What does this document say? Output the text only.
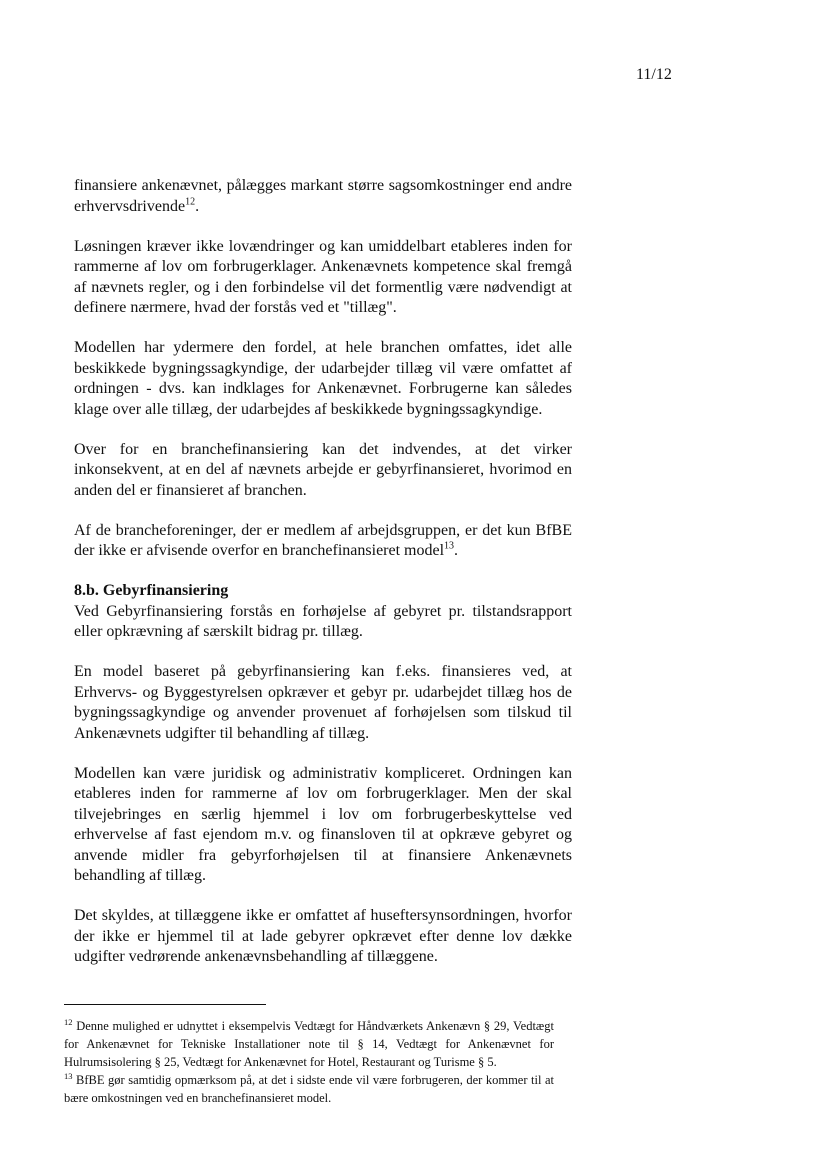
11/12

finansiere ankenævnet, pålægges markant større sagsomkostninger end andre erhvervsdrivende$^{12}$.

Løsningen kræver ikke lovændringer og kan umiddelbart etableres inden for rammerne af lov om forbrugerklager. Ankenævnets kompetence skal fremgå af nævnets regler, og i den forbindelse vil det formentlig være nødvendigt at definere nærmere, hvad der forstås ved et "tillæg".

Modellen har ydermere den fordel, at hele branchen omfattes, idet alle beskikkede bygningssagkyndige, der udarbejder tillæg vil være omfattet af ordningen - dvs. kan indklages for Ankenævnet. Forbrugerne kan således klage over alle tillæg, der udarbejdes af beskikkede bygningssagkyndige.

Over for en branchefinansiering kan det indvendes, at det virker inkonsekvent, at en del af nævnets arbejde er gebyrfinansieret, hvorimod en anden del er finansieret af branchen.

Af de brancheforeninger, der er medlem af arbejdsgruppen, er det kun BfBE der ikke er afvisende overfor en branchefinansieret model$^{13}$.

8.b. Gebyrfinansiering

Ved Gebyrfinansiering forstås en forhøjelse af gebyret pr. tilstandsrapport eller opkrævning af særskilt bidrag pr. tillæg.

En model baseret på gebyrfinansiering kan f.eks. finansieres ved, at Erhvervs- og Byggestyrelsen opkræver et gebyr pr. udarbejdet tillæg hos de bygningssagkyndige og anvender provenuet af forhøjelsen som tilskud til Ankenævnets udgifter til behandling af tillæg.

Modellen kan være juridisk og administrativ kompliceret. Ordningen kan etableres inden for rammerne af lov om forbrugerklager. Men der skal tilvejebringes en særlig hjemmel i lov om forbrugerbeskyttelse ved erhvervelse af fast ejendom m.v. og finansloven til at opkræve gebyret og anvende midler fra gebyrforhøjelsen til at finansiere Ankenævnets behandling af tillæg.

Det skyldes, at tillæggene ikke er omfattet af huseftersynsordningen, hvorfor der ikke er hjemmel til at lade gebyrer opkrævet efter denne lov dække udgifter vedrørende ankenævnsbehandling af tillæggene.

$^{12}$ Denne mulighed er udnyttet i eksempelvis Vedtægt for Håndværkets Ankenævn § 29, Vedtægt for Ankenævnet for Tekniske Installationer note til § 14, Vedtægt for Ankenævnet for Hulrumsisolering § 25, Vedtægt for Ankenævnet for Hotel, Restaurant og Turisme § 5.

$^{13}$ BfBE gør samtidig opmærksom på, at det i sidste ende vil være forbrugeren, der kommer til at bære omkostningen ved en branchefinansieret model.
